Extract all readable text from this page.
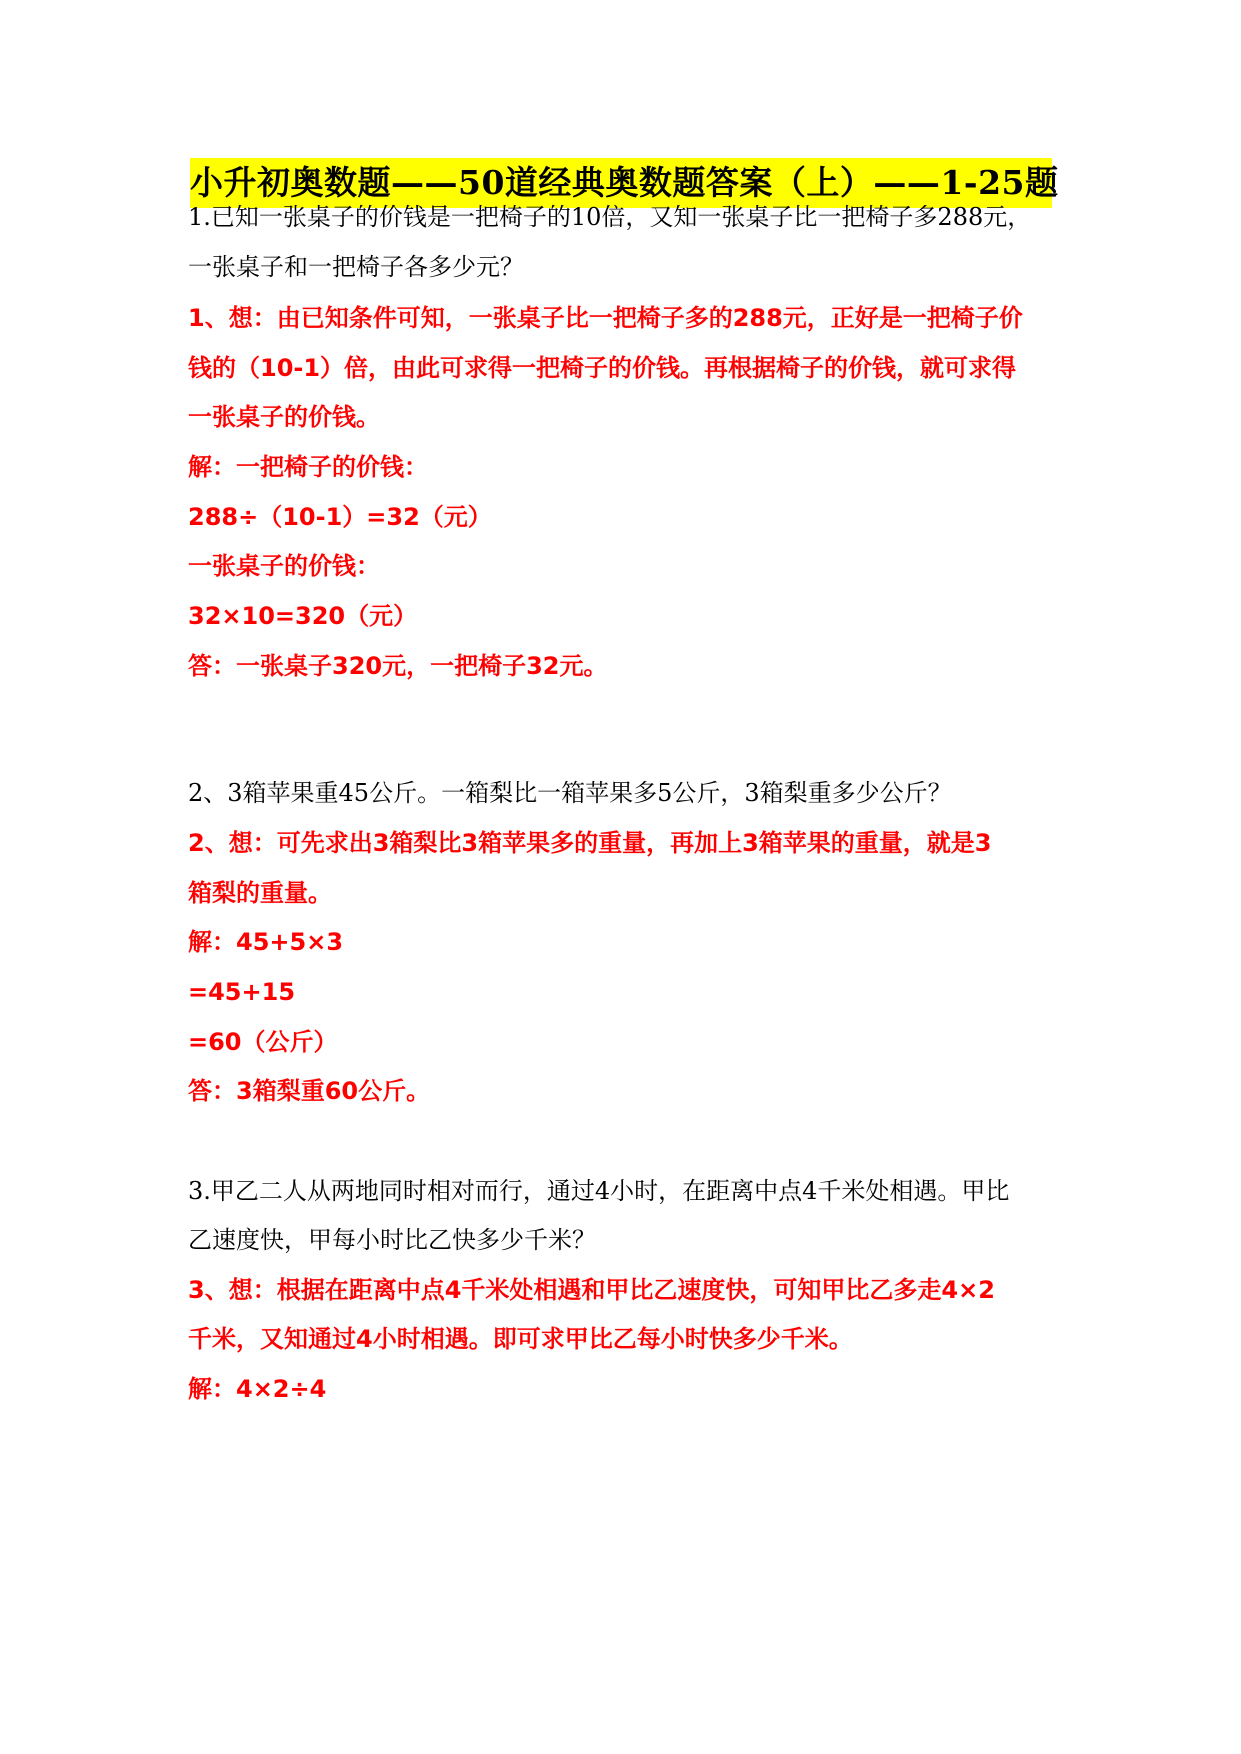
小升初奥数题——50道经典奥数题答案（上）——1-25题
1.已知一张桌子的价钱是一把椅子的10倍，又知一张桌子比一把椅子多288元，
一张桌子和一把椅子各多少元？
1、想：由已知条件可知，一张桌子比一把椅子多的288元，正好是一把椅子价
钱的（10-1）倍，由此可求得一把椅子的价钱。再根据椅子的价钱，就可求得
一张桌子的价钱。
解：一把椅子的价钱：
288÷（10-1）=32（元）
一张桌子的价钱：
32×10=320（元）
答：一张桌子320元，一把椅子32元。
2、3箱苹果重45公斤。一箱梨比一箱苹果多5公斤，3箱梨重多少公斤？
2、想：可先求出3箱梨比3箱苹果多的重量，再加上3箱苹果的重量，就是3
箱梨的重量。
解：45+5×3
=45+15
=60（公斤）
答：3箱梨重60公斤。
3.甲乙二人从两地同时相对而行，通过4小时，在距离中点4千米处相遇。甲比
乙速度快，甲每小时比乙快多少千米？
3、想：根据在距离中点4千米处相遇和甲比乙速度快，可知甲比乙多走4×2
千米，又知通过4小时相遇。即可求甲比乙每小时快多少千米。
解：4×2÷4
